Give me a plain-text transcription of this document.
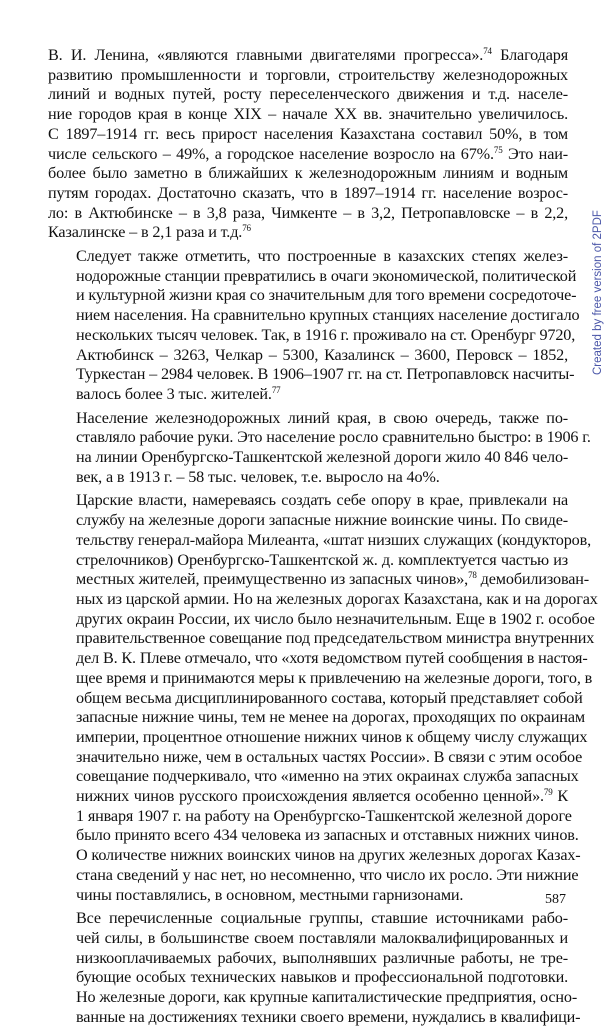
В. И. Ленина, «являются главными двигателями прогресса».$^{74}$ Благодаря
развитию промышленности и торговли, строительству железнодорожных
линий и водных путей, росту переселенческого движения и т.д. населе-
ние городов края в конце XIX – начале XX вв. значительно увеличилось.
С 1897–1914 гг. весь прирост населения Казахстана составил 50%, в том
числе сельского – 49%, а городское население возросло на 67%.$^{75}$ Это наи-
более было заметно в ближайших к железнодорожным линиям и водным
путям городах. Достаточно сказать, что в 1897–1914 гг. население возрос-
ло: в Актюбинске – в 3,8 раза, Чимкенте – в 3,2, Петропавловске – в 2,2,
Казалинске – в 2,1 раза и т.д.$^{76}$

Следует также отметить, что построенные в казахских степях желез-
нодорожные станции превратились в очаги экономической, политической
и культурной жизни края со значительным для того времени сосредоточе-
нием населения. На сравнительно крупных станциях население достигало
нескольких тысяч человек. Так, в 1916 г. проживало на ст. Оренбург 9720,
Актюбинск – 3263, Челкар – 5300, Казалинск – 3600, Перовск – 1852,
Туркестан – 2984 человек. В 1906–1907 гг. на ст. Петропавловск насчиты-
валось более 3 тыс. жителей.$^{77}$

Население железнодорожных линий края, в свою очередь, также по-
ставляло рабочие руки. Это население росло сравнительно быстро: в 1906 г.
на линии Оренбургско-Ташкентской железной дороги жило 40 846 чело-
век, а в 1913 г. – 58 тыс. человек, т.е. выросло на 4о%.

Царские власти, намереваясь создать себе опору в крае, привлекали на
службу на железные дороги запасные нижние воинские чины. По свиде-
тельству генерал-майора Милеанта, «штат низших служащих (кондукторов,
стрелочников) Оренбургско-Ташкентской ж. д. комплектуется частью из
местных жителей, преимущественно из запасных чинов»,$^{78}$ демобилизован-
ных из царской армии. Но на железных дорогах Казахстана, как и на дорогах
других окраин России, их число было незначительным. Еще в 1902 г. особое
правительственное совещание под председательством министра внутренних
дел В. К. Плеве отмечало, что «хотя ведомством путей сообщения в настоя-
щее время и принимаются меры к привлечению на железные дороги, того, в
общем весьма дисциплинированного состава, который представляет собой
запасные нижние чины, тем не менее на дорогах, проходящих по окраинам
империи, процентное отношение нижних чинов к общему числу служащих
значительно ниже, чем в остальных частях России». В связи с этим особое
совещание подчеркивало, что «именно на этих окраинах служба запасных
нижних чинов русского происхождения является особенно ценной».$^{79}$ К
1 января 1907 г. на работу на Оренбургско-Ташкентской железной дороге
было принято всего 434 человека из запасных и отставных нижних чинов.
О количестве нижних воинских чинов на других железных дорогах Казах-
стана сведений у нас нет, но несомненно, что число их росло. Эти нижние
чины поставлялись, в основном, местными гарнизонами.

Все перечисленные социальные группы, ставшие источниками рабо-
чей силы, в большинстве своем поставляли малоквалифицированных и
низкооплачиваемых рабочих, выполнявших различные работы, не тре-
бующие особых технических навыков и профессиональной подготовки.
Но железные дороги, как крупные капиталистические предприятия, осно-
ванные на достижениях техники своего времени, нуждались в квалифици-

587
Created by free version of 2PDF
